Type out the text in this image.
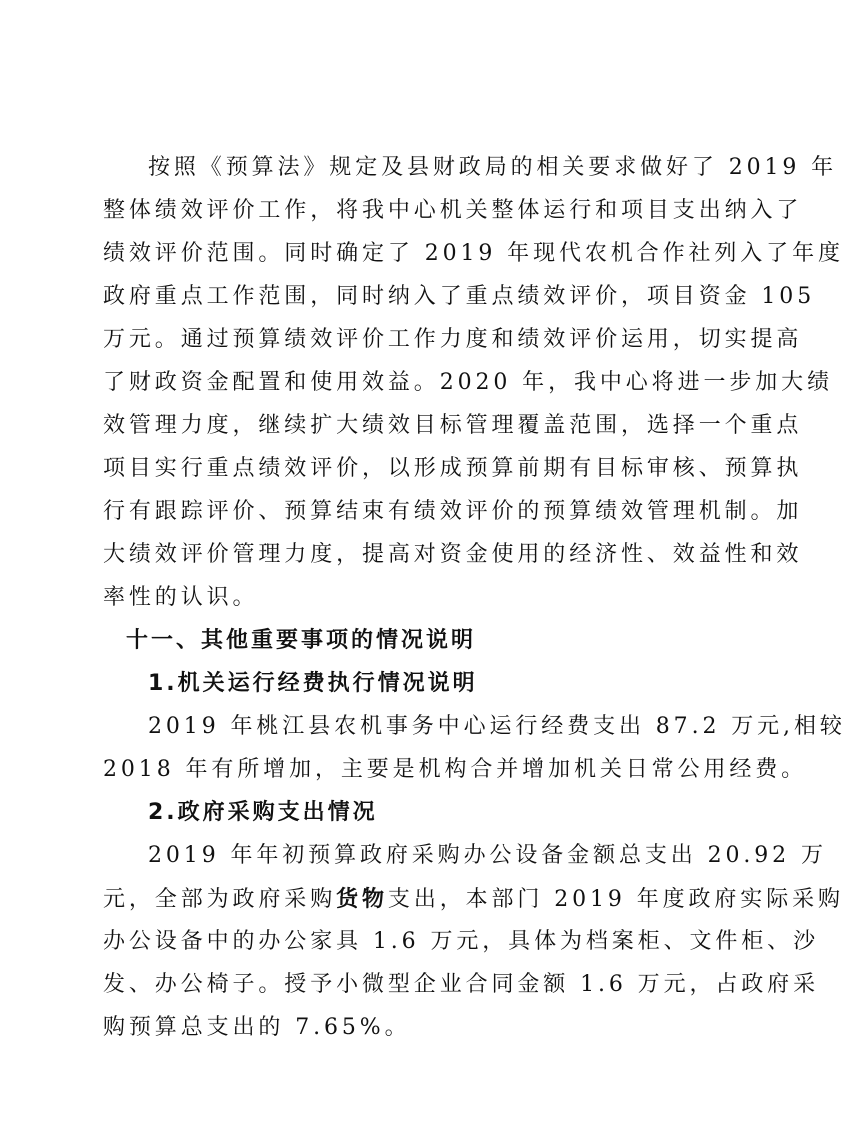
按照《预算法》规定及县财政局的相关要求做好了 2019 年
整体绩效评价工作，将我中心机关整体运行和项目支出纳入了
绩效评价范围。同时确定了 2019 年现代农机合作社列入了年度
政府重点工作范围，同时纳入了重点绩效评价，项目资金 105
万元。通过预算绩效评价工作力度和绩效评价运用，切实提高
了财政资金配置和使用效益。2020 年，我中心将进一步加大绩
效管理力度，继续扩大绩效目标管理覆盖范围，选择一个重点
项目实行重点绩效评价，以形成预算前期有目标审核、预算执
行有跟踪评价、预算结束有绩效评价的预算绩效管理机制。加
大绩效评价管理力度，提高对资金使用的经济性、效益性和效
率性的认识。
十一、其他重要事项的情况说明
1.机关运行经费执行情况说明
2019 年桃江县农机事务中心运行经费支出 87.2 万元,相较
2018 年有所增加，主要是机构合并增加机关日常公用经费。
2.政府采购支出情况
2019 年年初预算政府采购办公设备金额总支出 20.92 万
元，全部为政府采购货物支出，本部门 2019 年度政府实际采购
办公设备中的办公家具 1.6 万元，具体为档案柜、文件柜、沙
发、办公椅子。授予小微型企业合同金额 1.6 万元，占政府采
购预算总支出的 7.65%。
